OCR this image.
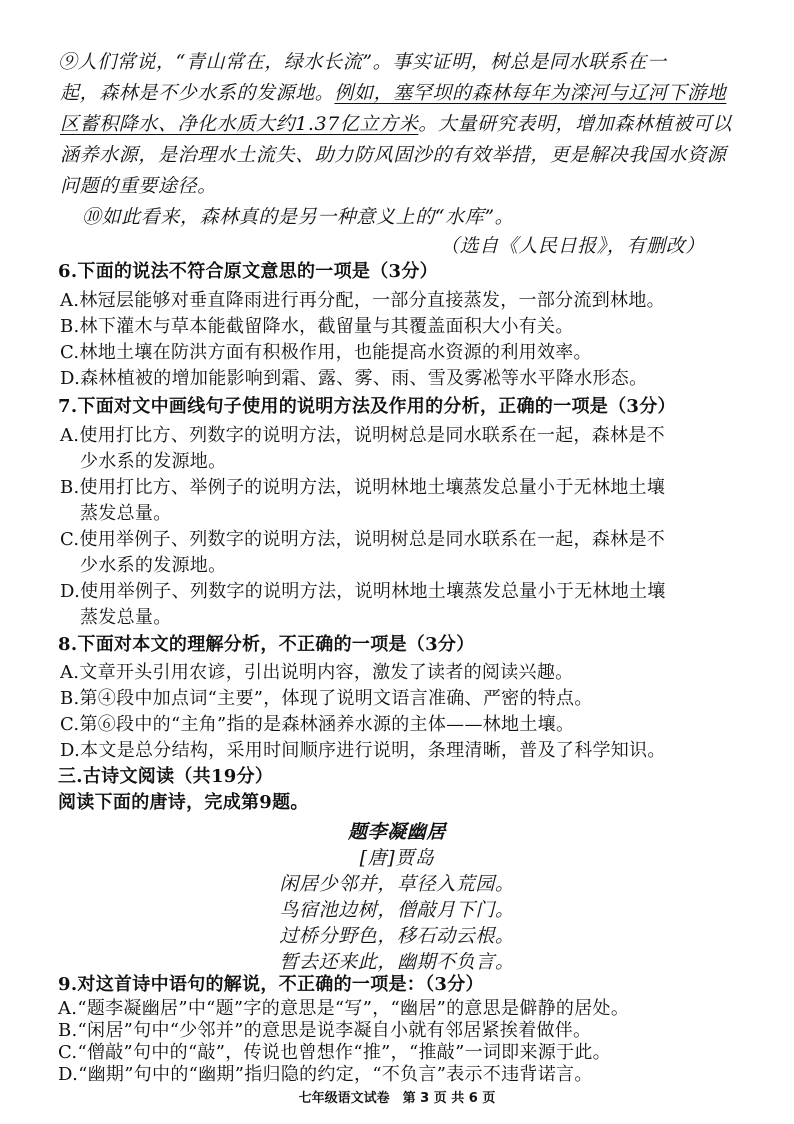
⑨人们常说，“青山常在，绿水长流”。事实证明，树总是同水联系在一
起，森林是不少水系的发源地。例如，塞罕坝的森林每年为滦河与辽河下游地
区蓄积降水、净化水质大约1.37亿立方米。大量研究表明，增加森林植被可以
涵养水源，是治理水土流失、助力防风固沙的有效举措，更是解决我国水资源
问题的重要途径。
⑩如此看来，森林真的是另一种意义上的“水库”。
（选自《人民日报》，有删改）
6.下面的说法不符合原文意思的一项是（3分）
A.林冠层能够对垂直降雨进行再分配，一部分直接蒸发，一部分流到林地。
B.林下灌木与草本能截留降水，截留量与其覆盖面积大小有关。
C.林地土壤在防洪方面有积极作用，也能提高水资源的利用效率。
D.森林植被的增加能影响到霜、露、雾、雨、雪及雾凇等水平降水形态。
7.下面对文中画线句子使用的说明方法及作用的分析，正确的一项是（3分）
A.使用打比方、列数字的说明方法，说明树总是同水联系在一起，森林是不
少水系的发源地。
B.使用打比方、举例子的说明方法，说明林地土壤蒸发总量小于无林地土壤
蒸发总量。
C.使用举例子、列数字的说明方法，说明树总是同水联系在一起，森林是不
少水系的发源地。
D.使用举例子、列数字的说明方法，说明林地土壤蒸发总量小于无林地土壤
蒸发总量。
8.下面对本文的理解分析，不正确的一项是（3分）
A.文章开头引用农谚，引出说明内容，激发了读者的阅读兴趣。
B.第④段中加点词“主要”，体现了说明文语言准确、严密的特点。
C.第⑥段中的“主角”指的是森林涵养水源的主体——林地土壤。
D.本文是总分结构，采用时间顺序进行说明，条理清晰，普及了科学知识。
三.古诗文阅读（共19分）
阅读下面的唐诗，完成第9题。
题李凝幽居
[唐]贾岛
闲居少邻并，草径入荒园。
鸟宿池边树，僧敲月下门。
过桥分野色，移石动云根。
暂去还来此，幽期不负言。
9.对这首诗中语句的解说，不正确的一项是：（3分）
A.“题李凝幽居”中“题”字的意思是“写”，“幽居”的意思是僻静的居处。
B.“闲居”句中“少邻并”的意思是说李凝自小就有邻居紧挨着做伴。
C.“僧敲”句中的“敲”，传说也曾想作“推”，“推敲”一词即来源于此。
七年级语文试卷　第 3 页 共 6 页
D.“幽期”句中的“幽期”指归隐的约定，“不负言”表示不违背诺言。
